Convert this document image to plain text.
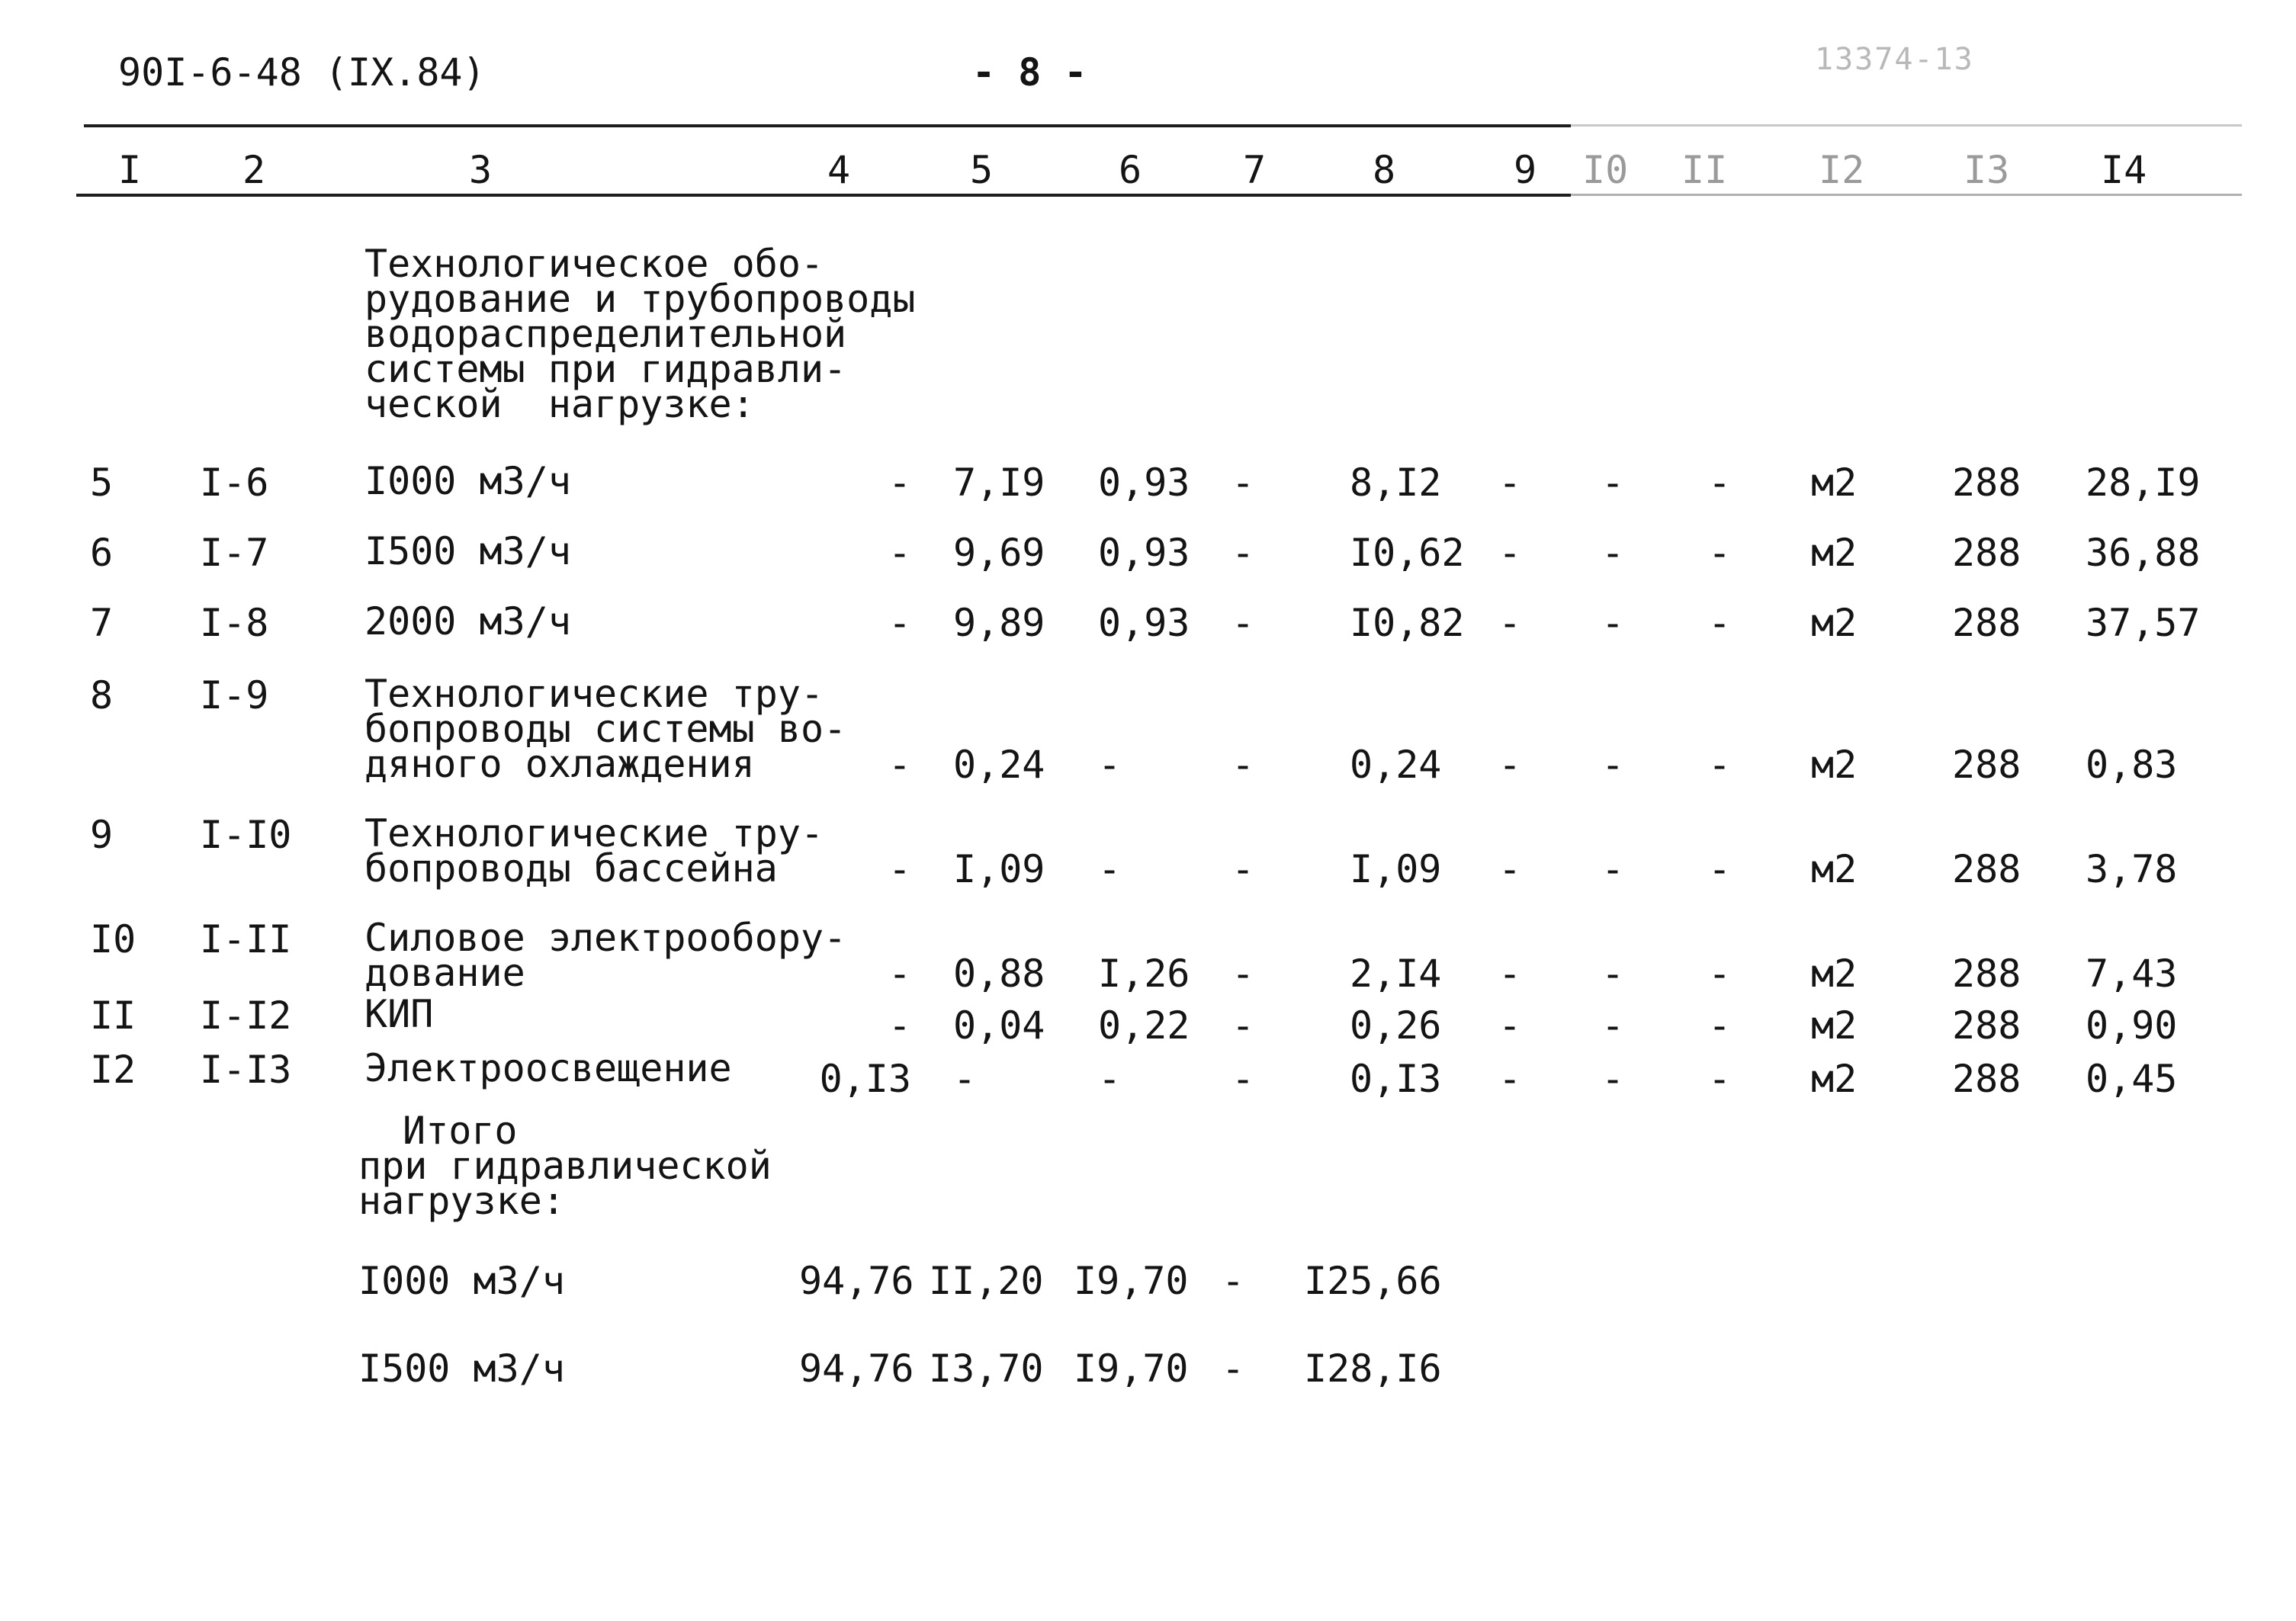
90I-6-48 (IX.84)	- 8 -	13374-13
I	2	3	4	5	6	7	8	9 I0 II I2	I3 I4
Технологическое обо-
рудование и трубопроводы
водораспределительной
системы при гидравли-
ческой  нагрузке:
5 I-6	I000 м3/ч	- 7,I9 0,93 - 8,I2 - - - м2 288 28,I9
6 I-7	I500 м3/ч	- 9,69 0,93 - I0,62 - - - м2 288 36,88
7 I-8	2000 м3/ч	- 9,89 0,93 - I0,82 - - - м2 288 37,57
8 I-9	Технологические тру-
бопроводы системы во-
дяного охлаждения	- 0,24 -	- 0,24 - - - м2 288 0,83
9 I-I0 Технологические тру-
бопроводы бассейна	- I,09 -	- I,09 - - - м2 288 3,78
I0 I-II Силовое электрообору-
дование	- 0,88 I,26 - 2,I4 - - - м2 288 7,43
II I-I2 КИП	- 0,04 0,22 - 0,26 - - - м2 288 0,90
I2 I-I3 Электроосвещение 0,I3 -	-	- 0,I3 - - - м2 288 0,45
Итого
при гидравлической
нагрузке:
I000 м3/ч	94,76 II,20 I9,70 - I25,66
I500 м3/ч	94,76 I3,70 I9,70 - I28,I6
